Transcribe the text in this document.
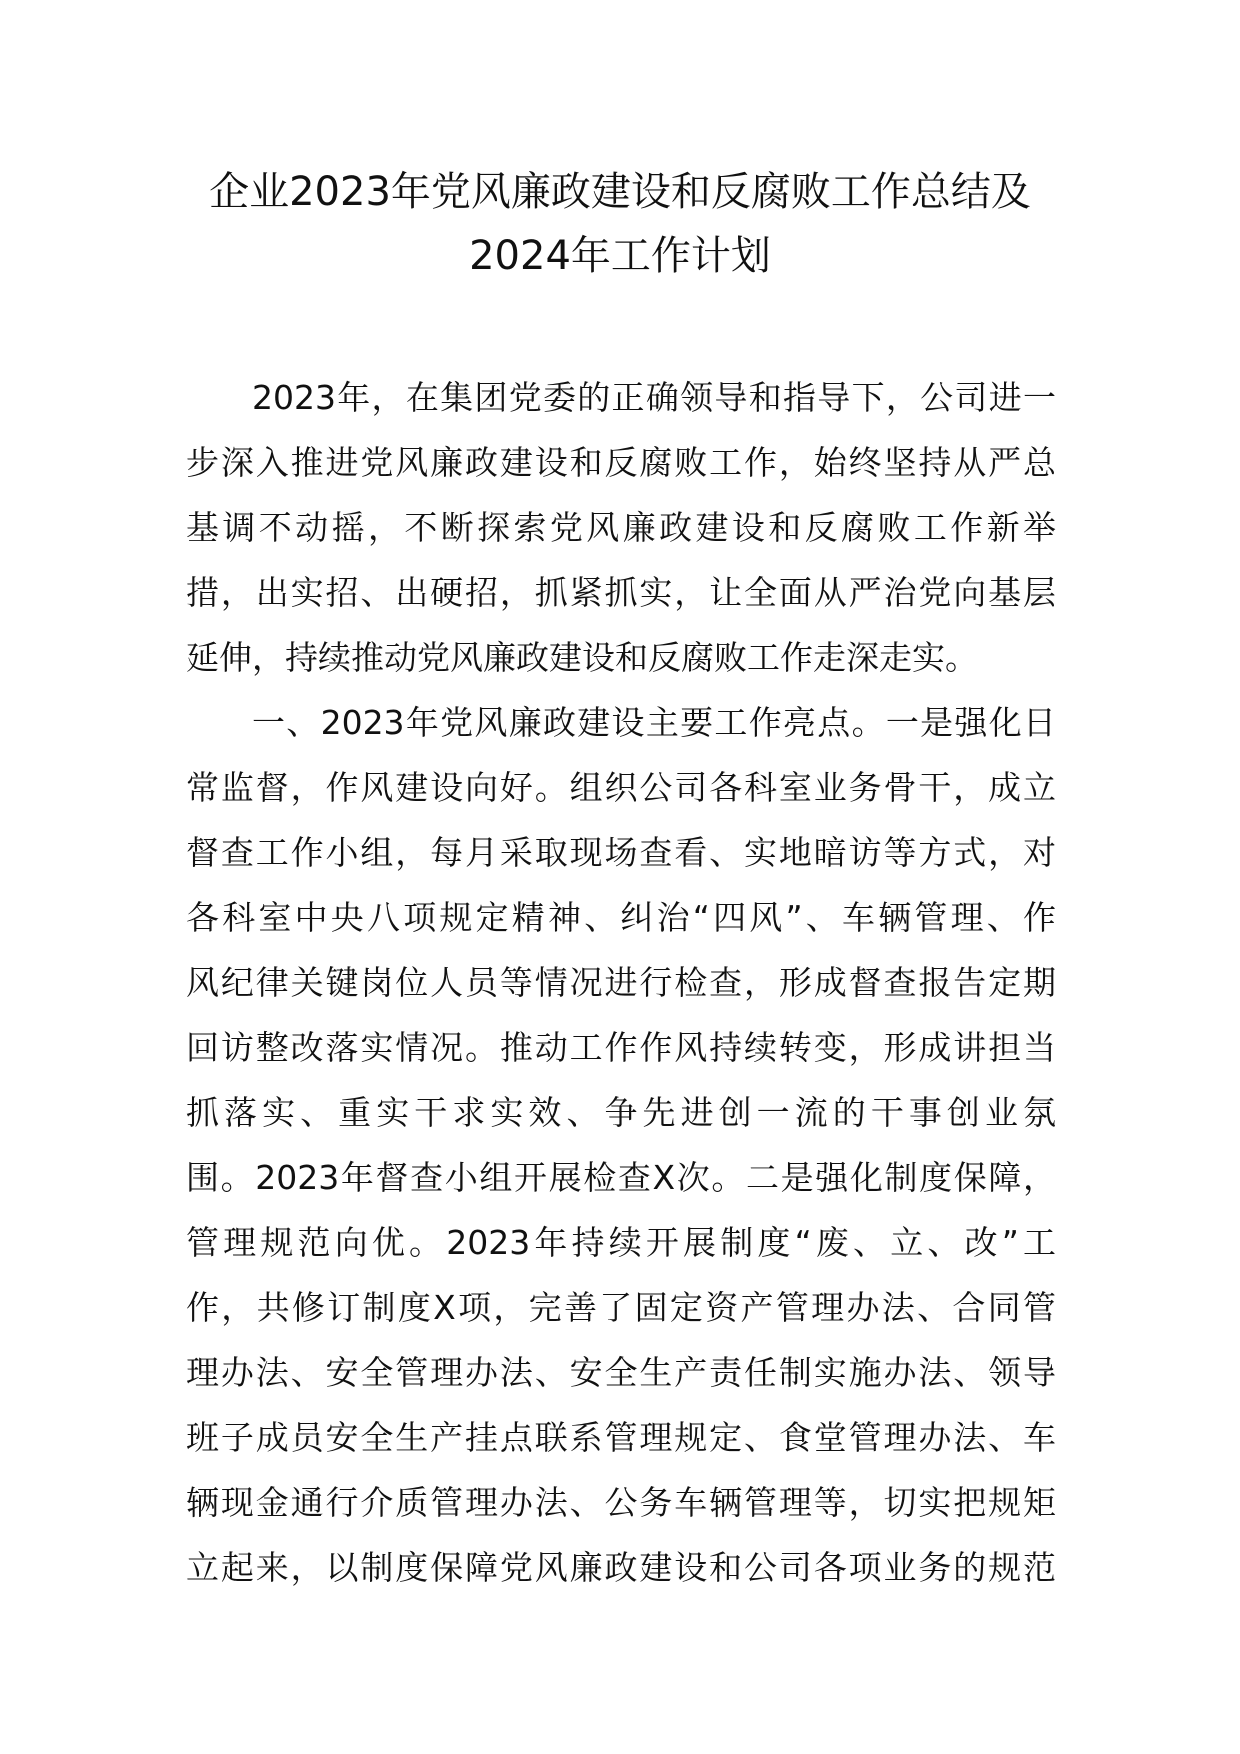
企业2023年党风廉政建设和反腐败工作总结及
2024年工作计划
2023年，在集团党委的正确领导和指导下，公司进一
步深入推进党风廉政建设和反腐败工作，始终坚持从严总
基调不动摇，不断探索党风廉政建设和反腐败工作新举
措，出实招、出硬招，抓紧抓实，让全面从严治党向基层
延伸，持续推动党风廉政建设和反腐败工作走深走实。
一、2023年党风廉政建设主要工作亮点。一是强化日
常监督，作风建设向好。组织公司各科室业务骨干，成立
督查工作小组，每月采取现场查看、实地暗访等方式，对
各科室中央八项规定精神、纠治“四风”、车辆管理、作
风纪律关键岗位人员等情况进行检查，形成督查报告定期
回访整改落实情况。推动工作作风持续转变，形成讲担当
抓落实、重实干求实效、争先进创一流的干事创业氛
围。2023年督查小组开展检查X次。二是强化制度保障，
管理规范向优。2023年持续开展制度“废、立、改”工
作，共修订制度X项，完善了固定资产管理办法、合同管
理办法、安全管理办法、安全生产责任制实施办法、领导
班子成员安全生产挂点联系管理规定、食堂管理办法、车
辆现金通行介质管理办法、公务车辆管理等，切实把规矩
立起来，以制度保障党风廉政建设和公司各项业务的规范
